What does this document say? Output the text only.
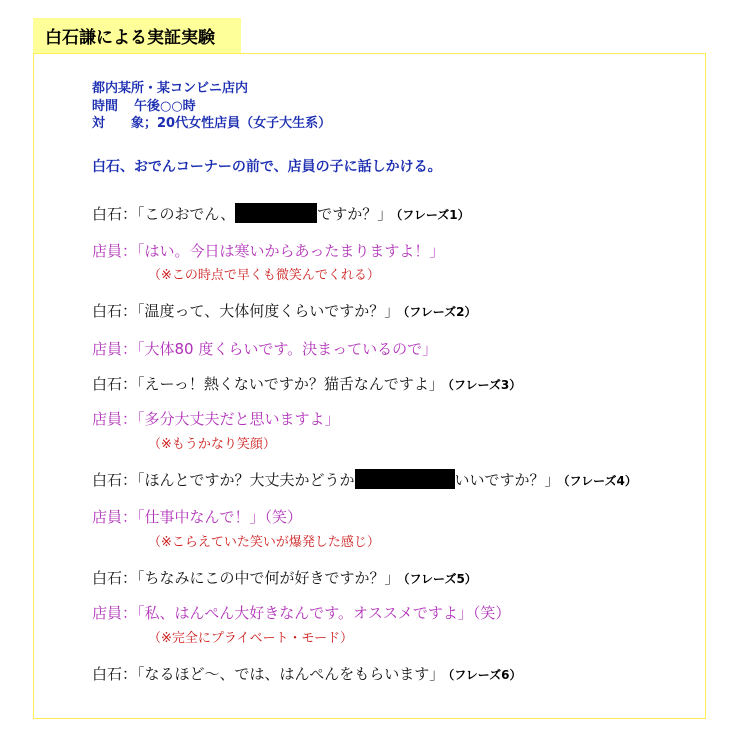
白石謙による実証実験
都内某所・某コンビニ店内
時間 午後○○時
対　　象；20代女性店員（女子大生系）
白石、おでんコーナーの前で、店員の子に話しかける。
白石：「このおでん、	ですか？」 （フレーズ1）
店員：「はい。今日は寒いからあったまりますよ！」
（※この時点で早くも微笑んでくれる）
白石：「温度って、大体何度くらいですか？」 （フレーズ2）
店員：「大体80 度くらいです。決まっているので」
白石：「えーっ！熱くないですか？猫舌なんですよ」 （フレーズ3）
店員：「多分大丈夫だと思いますよ」
（※もうかなり笑顔）
白石：「ほんとですか？大丈夫かどうか	いいですか？」 （フレーズ4）
店員：「仕事中なんで！」（笑）
（※こらえていた笑いが爆発した感じ）
白石：「ちなみにこの中で何が好きですか？」 （フレーズ5）
店員：「私、はんぺん大好きなんです。オススメですよ」（笑）
（※完全にプライベート・モード）
白石：「なるほど〜、では、はんぺんをもらいます」 （フレーズ6）
